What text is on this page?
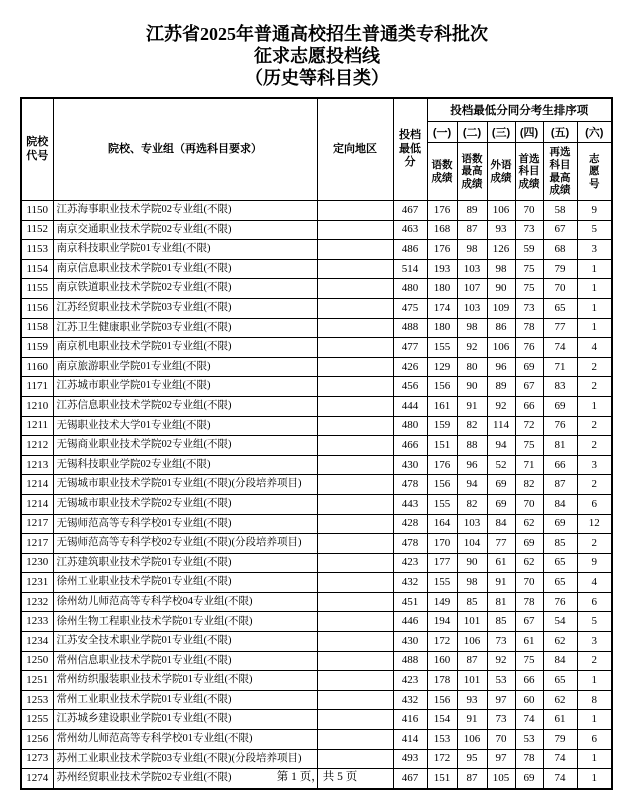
江苏省2025年普通高校招生普通类专科批次
征求志愿投档线
（历史等科目类）
院校代号	院校、专业组（再选科目要求）	定向地区	投档最低分	投档最低分同分考生排序项					
				(一)	(二)	(三)	(四)	(五)	(六)
				语数成绩	语数最高成绩	外语成绩	首选科目成绩	再选科目最高成绩	志愿号
1150	江苏海事职业技术学院02专业组(不限)		467	176	89	106	70	58	9
1152	南京交通职业技术学院02专业组(不限)		463	168	87	93	73	67	5
1153	南京科技职业学院01专业组(不限)		486	176	98	126	59	68	3
1154	南京信息职业技术学院01专业组(不限)		514	193	103	98	75	79	1
1155	南京铁道职业技术学院02专业组(不限)		480	180	107	90	75	70	1
1156	江苏经贸职业技术学院03专业组(不限)		475	174	103	109	73	65	1
1158	江苏卫生健康职业学院03专业组(不限)		488	180	98	86	78	77	1
1159	南京机电职业技术学院01专业组(不限)		477	155	92	106	76	74	4
1160	南京旅游职业学院01专业组(不限)		426	129	80	96	69	71	2
1171	江苏城市职业学院01专业组(不限)		456	156	90	89	67	83	2
1210	江苏信息职业技术学院02专业组(不限)		444	161	91	92	66	69	1
1211	无锡职业技术大学01专业组(不限)		480	159	82	114	72	76	2
1212	无锡商业职业技术学院02专业组(不限)		466	151	88	94	75	81	2
1213	无锡科技职业学院02专业组(不限)		430	176	96	52	71	66	3
1214	无锡城市职业技术学院01专业组(不限)(分段培养项目)		478	156	94	69	82	87	2
1214	无锡城市职业技术学院02专业组(不限)		443	155	82	69	70	84	6
1217	无锡师范高等专科学校01专业组(不限)		428	164	103	84	62	69	12
1217	无锡师范高等专科学校02专业组(不限)(分段培养项目)		478	170	104	77	69	85	2
1230	江苏建筑职业技术学院01专业组(不限)		423	177	90	61	62	65	9
1231	徐州工业职业技术学院01专业组(不限)		432	155	98	91	70	65	4
1232	徐州幼儿师范高等专科学校04专业组(不限)		451	149	85	81	78	76	6
1233	徐州生物工程职业技术学院01专业组(不限)		446	194	101	85	67	54	5
1234	江苏安全技术职业学院01专业组(不限)		430	172	106	73	61	62	3
1250	常州信息职业技术学院01专业组(不限)		488	160	87	92	75	84	2
1251	常州纺织服装职业技术学院01专业组(不限)		423	178	101	53	66	65	1
1253	常州工业职业技术学院01专业组(不限)		432	156	93	97	60	62	8
1255	江苏城乡建设职业学院01专业组(不限)		416	154	91	73	74	61	1
1256	常州幼儿师范高等专科学校01专业组(不限)		414	153	106	70	53	79	6
1273	苏州工业职业技术学院03专业组(不限)(分段培养项目)		493	172	95	97	78	74	1
1274	苏州经贸职业技术学院02专业组(不限)		467	151	87	105	69	74	1
第 1 页，共 5 页
